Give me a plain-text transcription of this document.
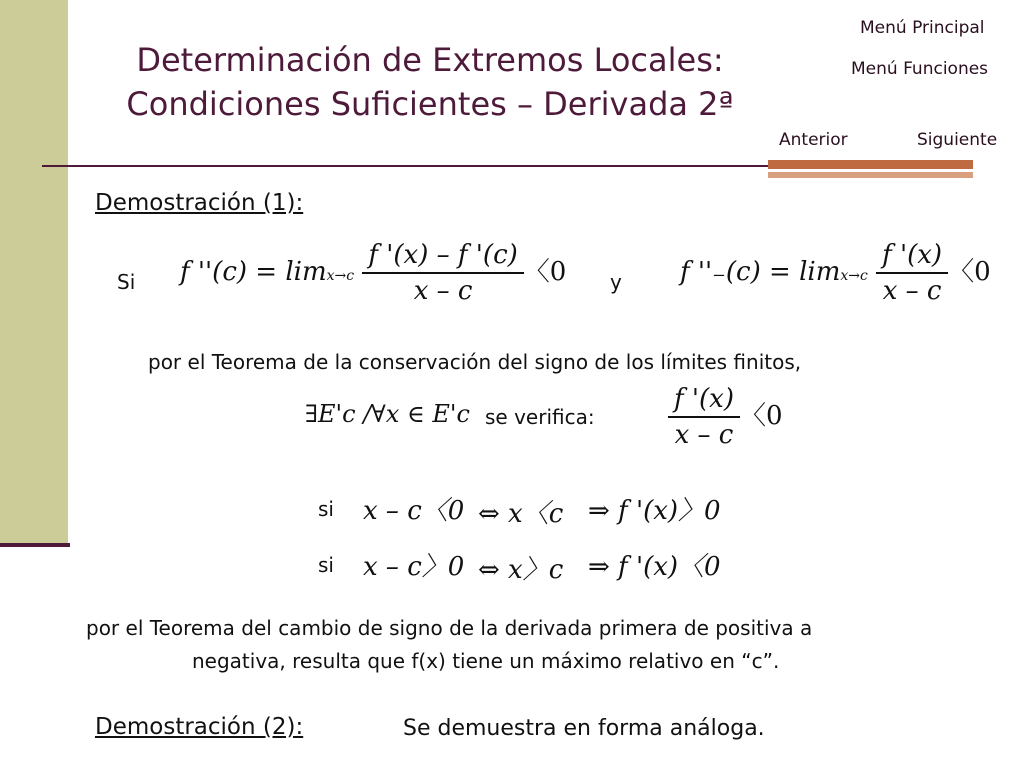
Determinación de Extremos Locales:
Condiciones Suficientes – Derivada 2ª
Menú Principal
Menú Funciones
Anterior	Siguiente
Demostración (1):
Si f ''$(c) = \lim x\to c \frac{f '(x) - f '(c)}{x - c}$ 〈0 y f ''$_-(c) = \lim x\to c \frac{f '(x)}{x - c}$ 〈0
por el Teorema de la conservación del signo de los límites finitos,
∃E'c /∀x ∈ E'c se verifica:	$\frac{f '(x)}{x - c}$ 〈0
si x – c〈0 ⇔ x〈c ⇒ f '(x)〉0
si x – c〉0 ⇔ x〉c ⇒ f '(x)〈0
por el Teorema del cambio de signo de la derivada primera de positiva a
negativa, resulta que f(x) tiene un máximo relativo en “c”.
Demostración (2):	Se demuestra en forma análoga.
